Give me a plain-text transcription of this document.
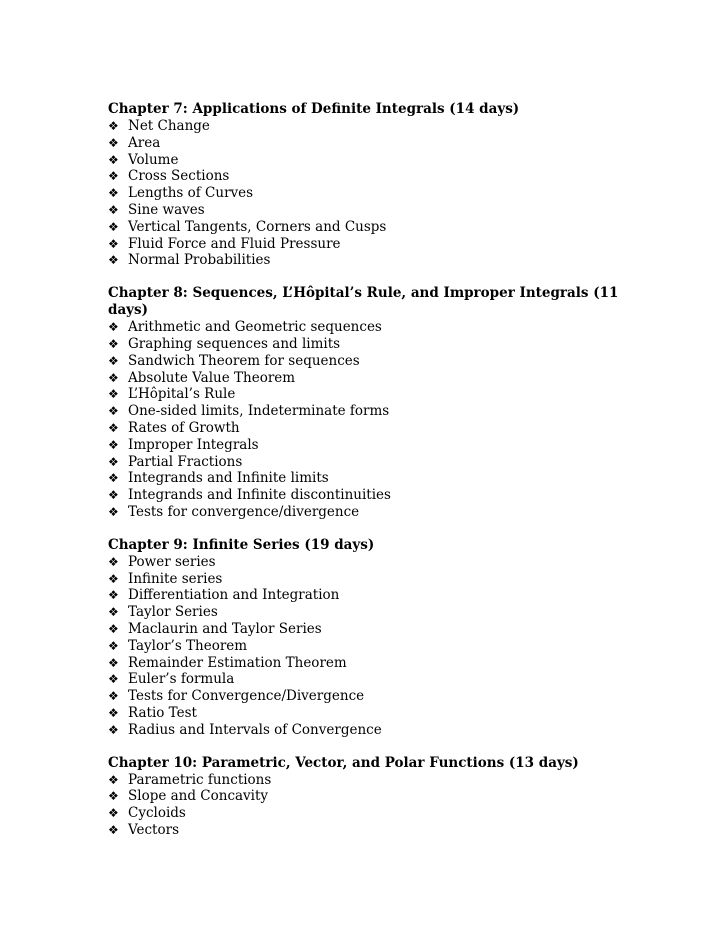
Chapter 7: Applications of Definite Integrals (14 days)

❖ Net Change
❖ Area
❖ Volume
❖ Cross Sections
❖ Lengths of Curves
❖ Sine waves
❖ Vertical Tangents, Corners and Cusps
❖ Fluid Force and Fluid Pressure
❖ Normal Probabilities

Chapter 8: Sequences, L’Hôpital’s Rule, and Improper Integrals (11 days)

❖ Arithmetic and Geometric sequences
❖ Graphing sequences and limits
❖ Sandwich Theorem for sequences
❖ Absolute Value Theorem
❖ L’Hôpital’s Rule
❖ One-sided limits, Indeterminate forms
❖ Rates of Growth
❖ Improper Integrals
❖ Partial Fractions
❖ Integrands and Infinite limits
❖ Integrands and Infinite discontinuities
❖ Tests for convergence/divergence

Chapter 9: Infinite Series (19 days)

❖ Power series
❖ Infinite series
❖ Differentiation and Integration
❖ Taylor Series
❖ Maclaurin and Taylor Series
❖ Taylor’s Theorem
❖ Remainder Estimation Theorem
❖ Euler’s formula
❖ Tests for Convergence/Divergence
❖ Ratio Test
❖ Radius and Intervals of Convergence

Chapter 10: Parametric, Vector, and Polar Functions (13 days)

❖ Parametric functions
❖ Slope and Concavity
❖ Cycloids
❖ Vectors
